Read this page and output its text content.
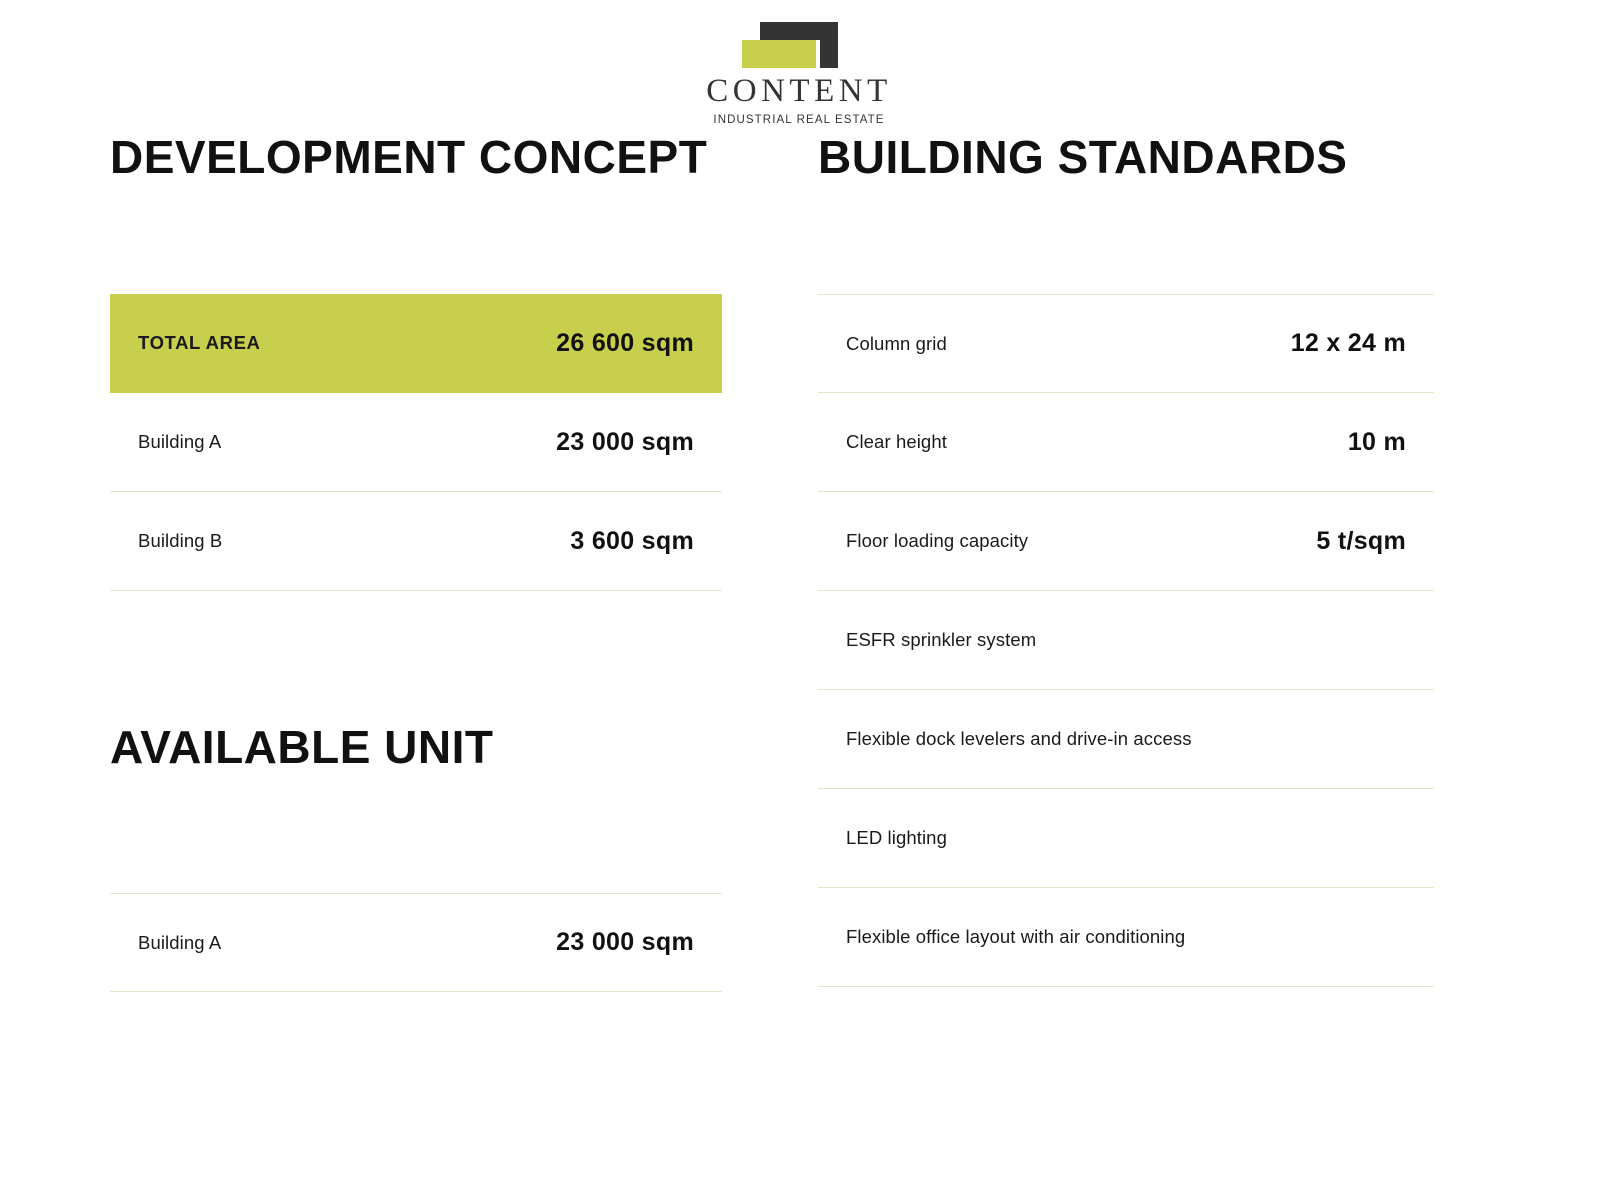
CONTENT
INDUSTRIAL REAL ESTATE
DEVELOPMENT CONCEPT
AVAILABLE UNIT
BUILDING STANDARDS
TOTAL AREA	26 600 sqm
Building A	23 000 sqm
Building B	3 600 sqm
Building A	23 000 sqm
Column grid	12 x 24 m
Clear height	10 m
Floor loading capacity	5 t/sqm
ESFR sprinkler system
Flexible dock levelers and drive-in access
LED lighting
Flexible office layout with air conditioning
